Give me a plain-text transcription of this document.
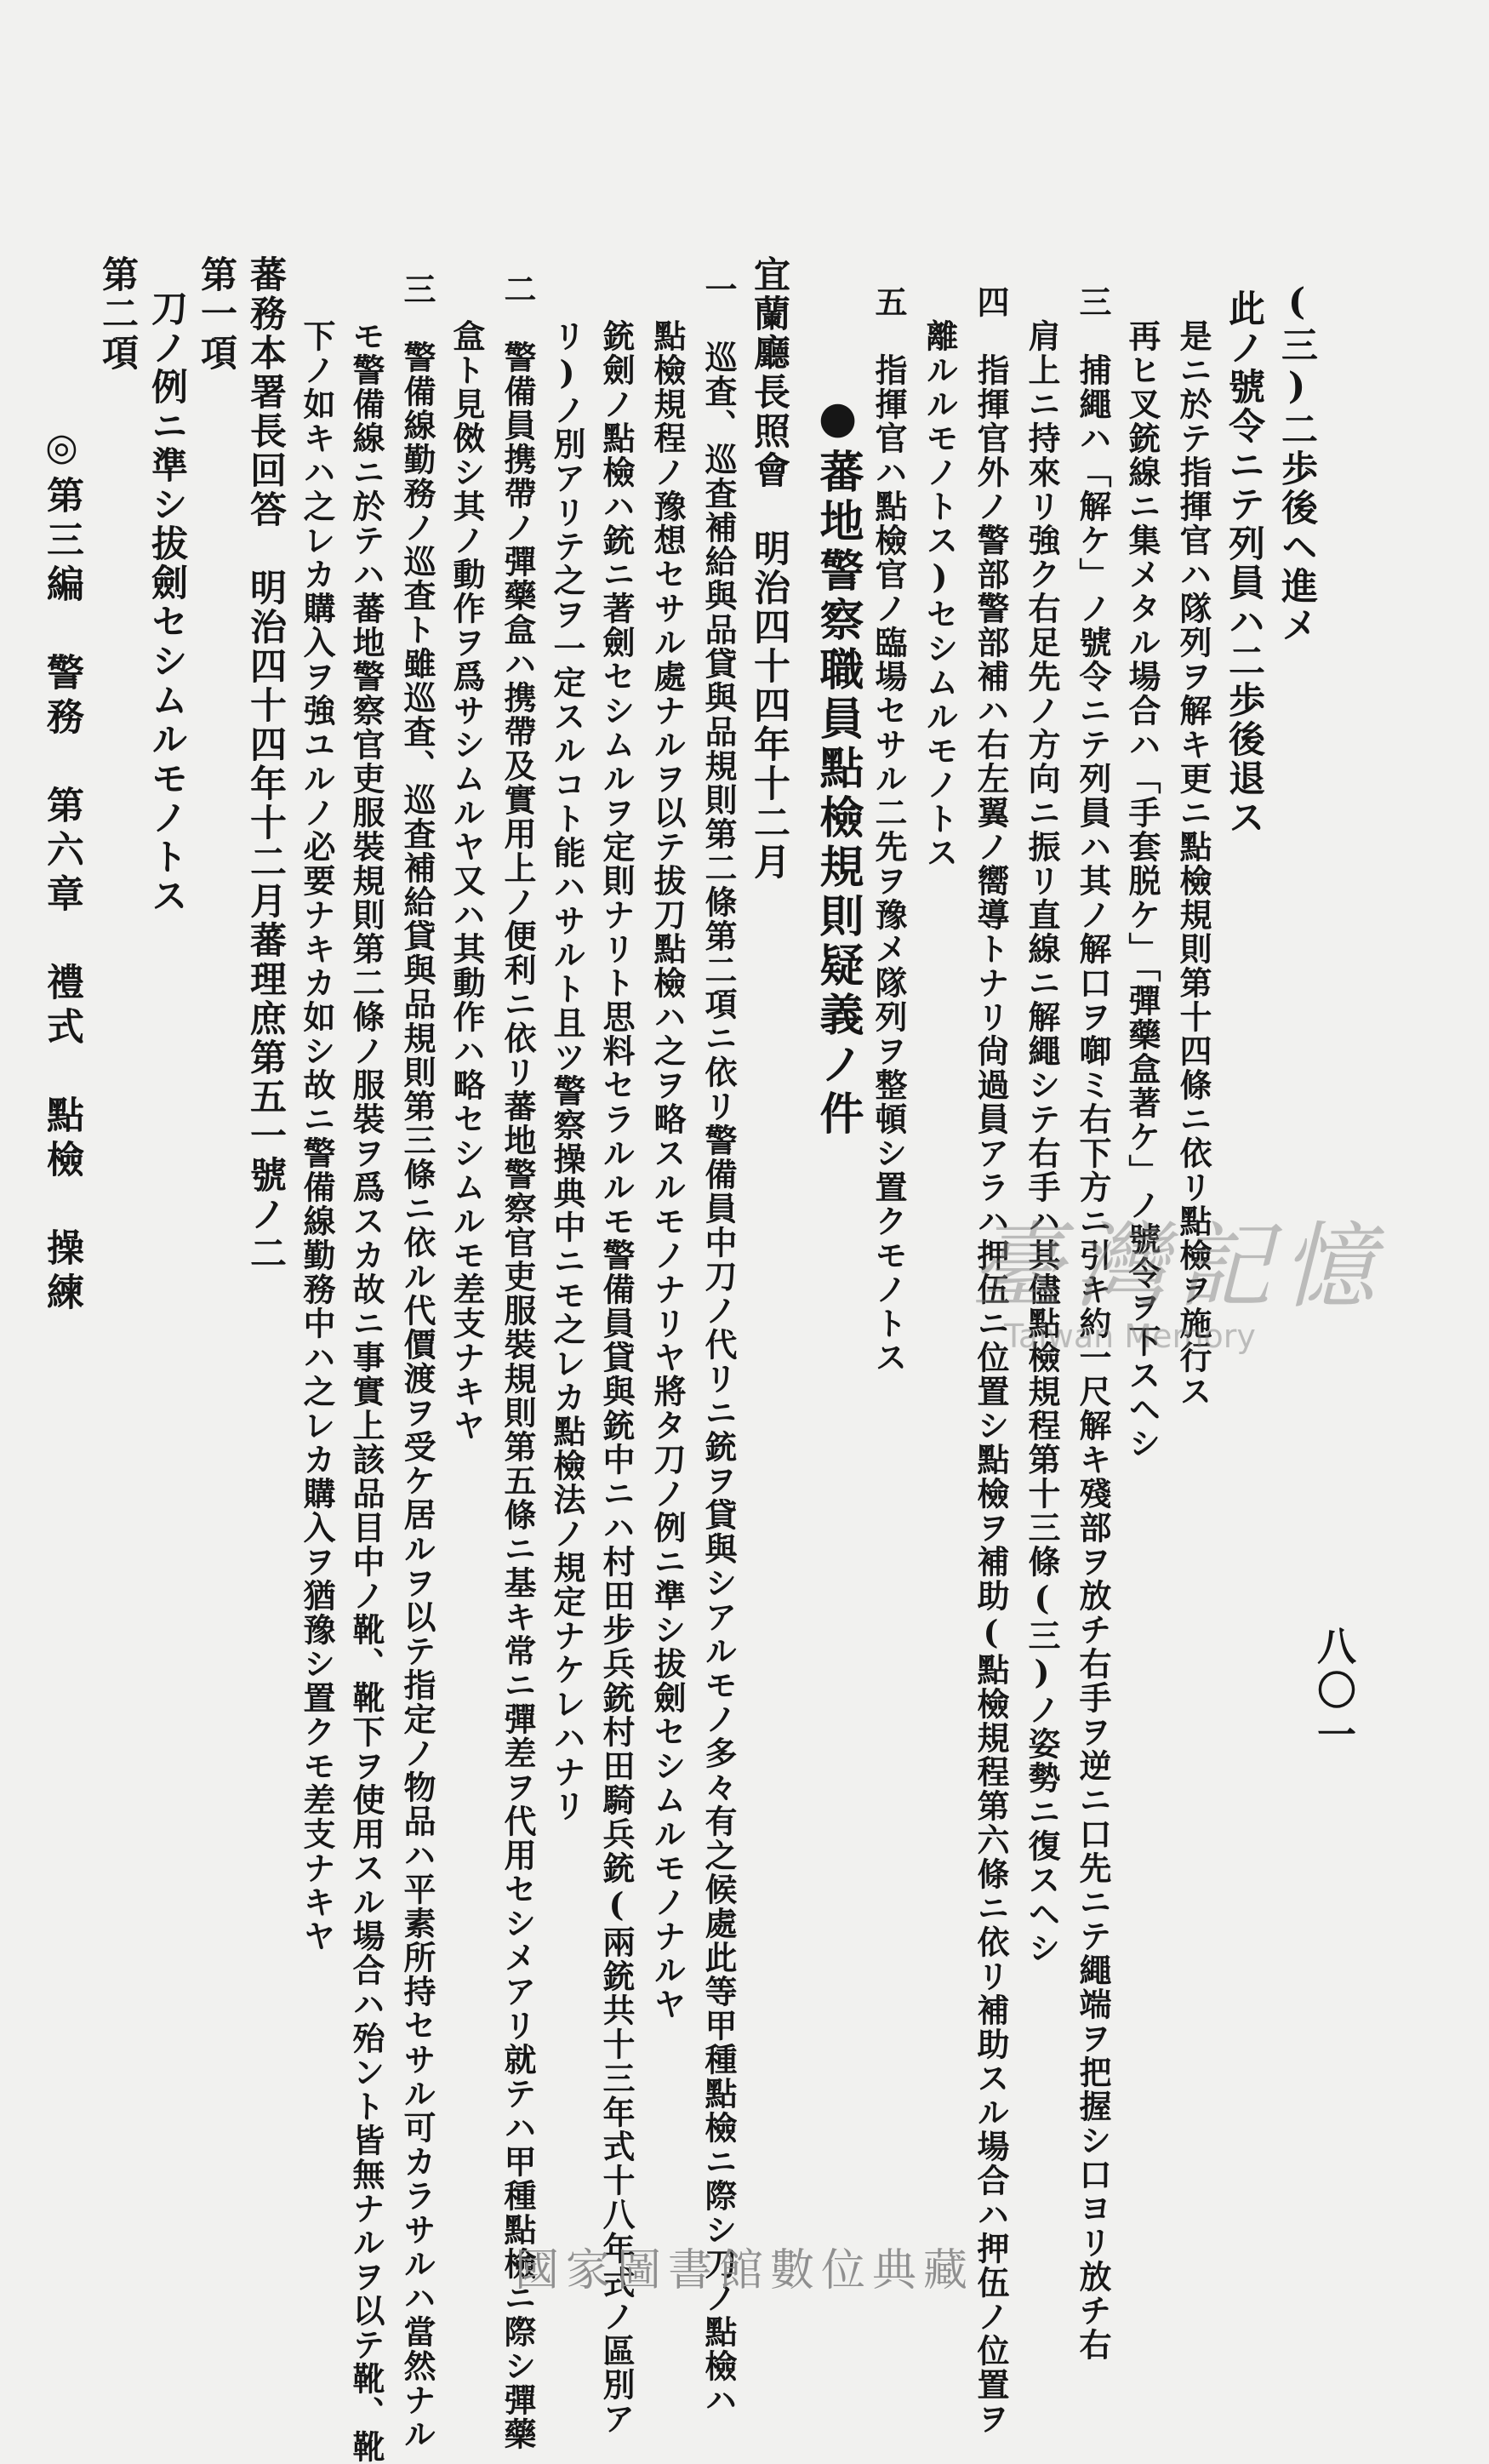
八〇一
(三)二歩後ヘ進メ
此ノ號令ニテ列員ハ二歩後退ス
是ニ於テ指揮官ハ隊列ヲ解キ更ニ點檢規則第十四條ニ依リ點檢ヲ施行ス
再ヒ叉銃線ニ集メタル場合ハ「手套脱ケ」「彈藥盒著ケ」ノ號令ヲ下スヘシ
三　捕繩ハ「解ケ」ノ號令ニテ列員ハ其ノ解口ヲ啣ミ右下方ニ引キ約一尺解キ殘部ヲ放チ右手ヲ逆ニ口先ニテ繩端ヲ把握シ口ヨリ放チ右
肩上ニ持來リ強ク右足先ノ方向ニ振リ直線ニ解繩シテ右手ハ其儘點檢規程第十三條(三)ノ姿勢ニ復スヘシ
四　指揮官外ノ警部警部補ハ右左翼ノ嚮導トナリ尙過員アラハ押伍ニ位置シ點檢ヲ補助(點檢規程第六條ニ依リ補助スル場合ハ押伍ノ位置ヲ
離ルルモノトス)セシムルモノトス
五　指揮官ハ點檢官ノ臨場セサル二先ヲ豫メ隊列ヲ整頓シ置クモノトス
●蕃地警察職員點檢規則疑義ノ件
宜蘭廳長照會　明治四十四年十二月
一　巡査、巡査補給與品貸與品規則第二條第二項ニ依リ警備員中刀ノ代リニ銃ヲ貸與シアルモノ多々有之候處此等甲種點檢ニ際シ刀ノ點檢ハ
點檢規程ノ豫想セサル處ナルヲ以テ拔刀點檢ハ之ヲ略スルモノナリヤ將タ刀ノ例ニ準シ拔劍セシムルモノナルヤ
銃劍ノ點檢ハ銃ニ著劍セシムルヲ定則ナリト思料セラルルモ警備員貸與銃中ニハ村田步兵銃村田騎兵銃(兩銃共十三年式十八年式ノ區別ア
リ)ノ別アリテ之ヲ一定スルコト能ハサルト且ツ警察操典中ニモ之レカ點檢法ノ規定ナケレハナリ
二　警備員携帶ノ彈藥盒ハ携帶及實用上ノ便利ニ依リ蕃地警察官吏服裝規則第五條ニ基キ常ニ彈差ヲ代用セシメアリ就テハ甲種點檢ニ際シ彈藥
盒ト見傚シ其ノ動作ヲ爲サシムルヤ又ハ其動作ハ略セシムルモ差支ナキヤ
三　警備線勤務ノ巡査ト雖巡査、巡査補給貸與品規則第三條ニ依ル代價渡ヲ受ケ居ルヲ以テ指定ノ物品ハ平素所持セサル可カラサルハ當然ナル
モ警備線ニ於テハ蕃地警察官吏服裝規則第二條ノ服裝ヲ爲スカ故ニ事實上該品目中ノ靴、靴下ヲ使用スル場合ハ殆ント皆無ナルヲ以テ靴、靴
下ノ如キハ之レカ購入ヲ強ユルノ必要ナキカ如シ故ニ警備線勤務中ハ之レカ購入ヲ猶豫シ置クモ差支ナキヤ
蕃務本署長回答　明治四十四年十二月蕃理庶第五一號ノ二
第一項
刀ノ例ニ準シ拔劍セシムルモノトス
第二項
臺灣記憶
Taiwan Memory
◎第三編　警務　第六章　禮式　點檢　操練
國家圖書館數位典藏
